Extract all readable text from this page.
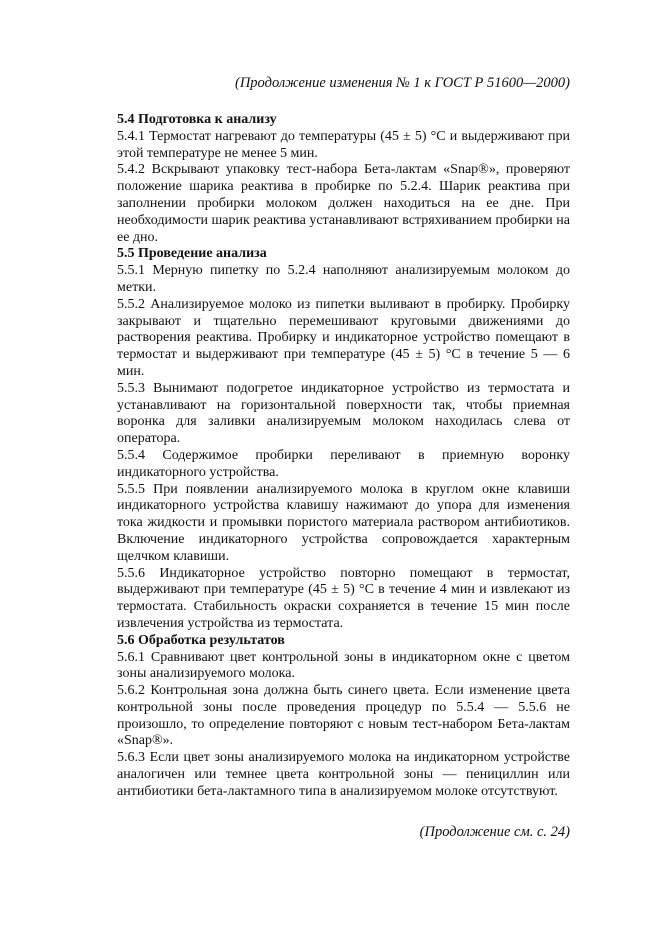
(Продолжение изменения № 1 к ГОСТ Р 51600—2000)

5.4 Подготовка к анализу

5.4.1 Термостат нагревают до температуры (45 ± 5) °С и выдерживают при этой температуре не менее 5 мин.

5.4.2 Вскрывают упаковку тест-набора Бета-лактам «Snap®», проверяют положение шарика реактива в пробирке по 5.2.4. Шарик реактива при заполнении пробирки молоком должен находиться на ее дне. При необходимости шарик реактива устанавливают встряхиванием пробирки на ее дно.

5.5 Проведение анализа

5.5.1 Мерную пипетку по 5.2.4 наполняют анализируемым молоком до метки.

5.5.2 Анализируемое молоко из пипетки выливают в пробирку. Пробирку закрывают и тщательно перемешивают круговыми движениями до растворения реактива. Пробирку и индикаторное устройство помещают в термостат и выдерживают при температуре (45 ± 5) °С в течение 5 — 6 мин.

5.5.3 Вынимают подогретое индикаторное устройство из термостата и устанавливают на горизонтальной поверхности так, чтобы приемная воронка для заливки анализируемым молоком находилась слева от оператора.

5.5.4 Содержимое пробирки переливают в приемную воронку индикаторного устройства.

5.5.5 При появлении анализируемого молока в круглом окне клавиши индикаторного устройства клавишу нажимают до упора для изменения тока жидкости и промывки пористого материала раствором антибиотиков. Включение индикаторного устройства сопровождается характерным щелчком клавиши.

5.5.6 Индикаторное устройство повторно помещают в термостат, выдерживают при температуре (45 ± 5) °С в течение 4 мин и извлекают из термостата. Стабильность окраски сохраняется в течение 15 мин после извлечения устройства из термостата.

5.6 Обработка результатов

5.6.1 Сравнивают цвет контрольной зоны в индикаторном окне с цветом зоны анализируемого молока.

5.6.2 Контрольная зона должна быть синего цвета. Если изменение цвета контрольной зоны после проведения процедур по 5.5.4 — 5.5.6 не произошло, то определение повторяют с новым тест-набором Бета-лактам «Snap®».

5.6.3 Если цвет зоны анализируемого молока на индикаторном устройстве аналогичен или темнее цвета контрольной зоны — пенициллин или антибиотики бета-лактамного типа в анализируемом молоке отсутствуют.

(Продолжение см. с. 24)
